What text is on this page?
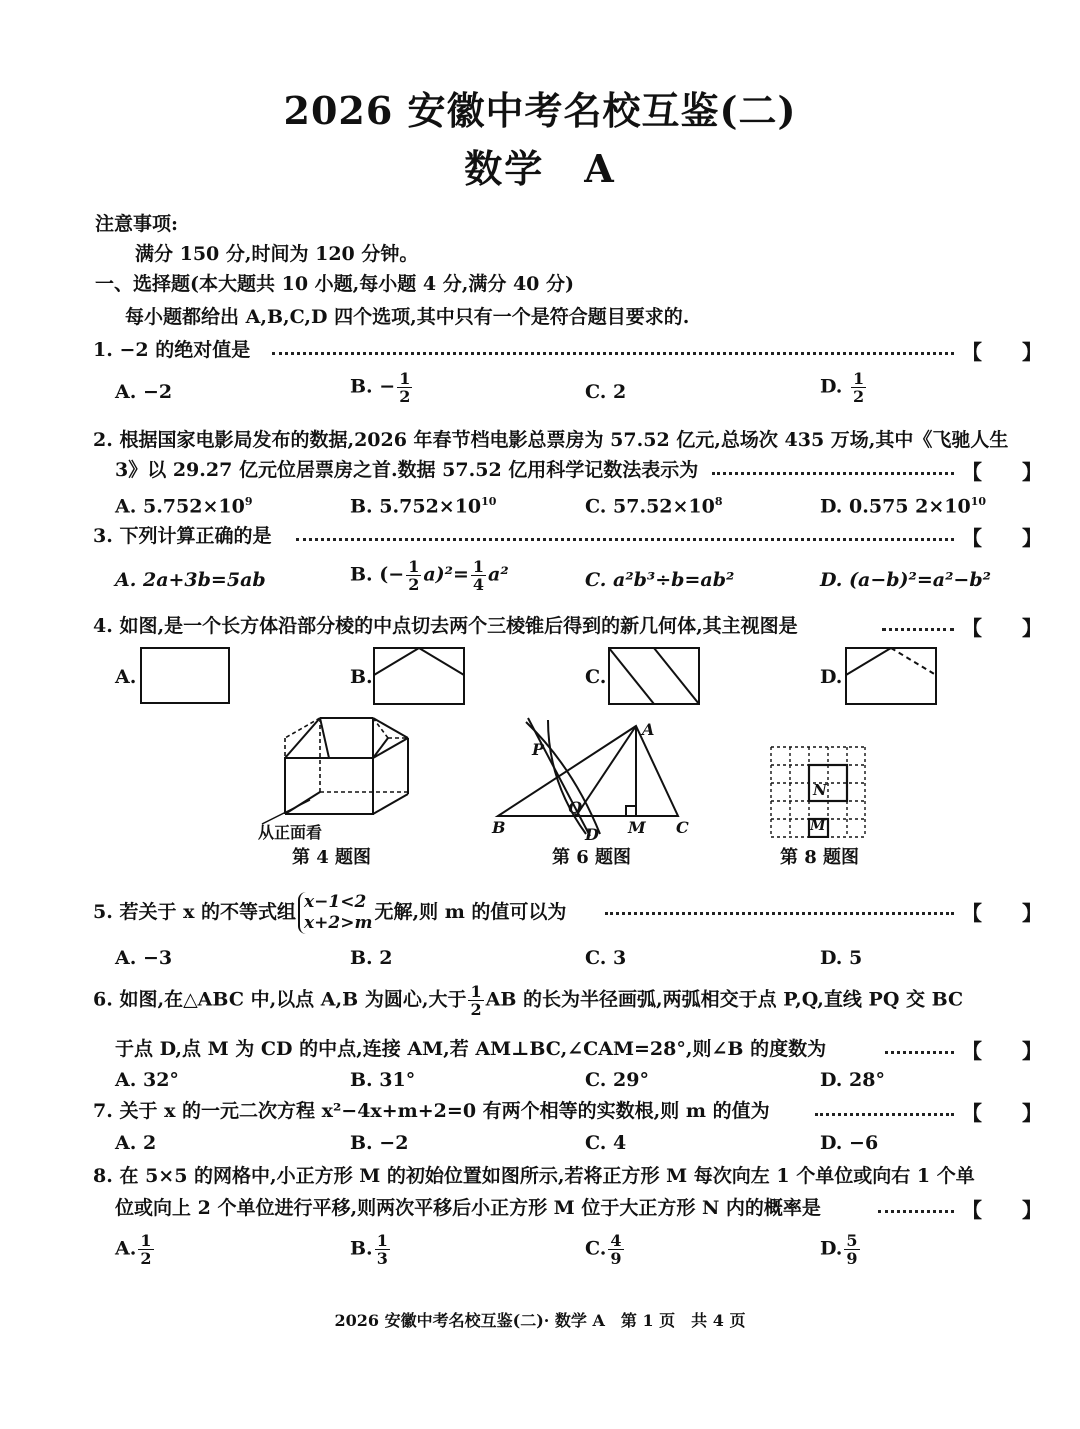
2026 安徽中考名校互鉴(二)
数学　A
注意事项:
满分 150 分,时间为 120 分钟。
一、选择题(本大题共 10 小题,每小题 4 分,满分 40 分)
每小题都给出 A,B,C,D 四个选项,其中只有一个是符合题目要求的.
1. −2 的绝对值是	【　　】
A. −2	B. − $\frac{1}{2}$	C. 2	D. $\frac{1}{2}$
2. 根据国家电影局发布的数据,2026 年春节档电影总票房为 57.52 亿元,总场次 435 万场,其中《飞驰人生
3》以 29.27 亿元位居票房之首.数据 57.52 亿用科学记数法表示为	【　　】
A. $5.752\times 10^9$	B. $5.752\times 10^{10}$	C. $57.52\times 10^8$	D. 0.575 $2\times 10^{10}$
3. 下列计算正确的是	【　　】
A. 2a+3b=5ab	B. (− $\frac{1}{2} a)^2= \frac{1}{4} a^2$	C. a²b³÷b=ab²	D. (a−b)²=a²−b²
4. 如图,是一个长方体沿部分棱的中点切去两个三棱锥后得到的新几何体,其主视图是	【　　】
A.	B.	C.	D.
从正面看
第 4 题图
P
Q
A
B	C
D M
第 6 题图
N
M
第 8 题图
5. 若关于 x 的不等式组 x−1<2
x+2>m 无解,则 m 的值可以为	【　　】
A. −3	B. 2	C. 3	D. 5
6. 如图,在△ABC 中,以点 A,B 为圆心,大于 $\frac{1}{2}$ AB 的长为半径画弧,两弧相交于点 P,Q,直线 PQ 交 BC
于点 D,点 M 为 CD 的中点,连接 AM,若 AM⊥BC,∠CAM=28°,则∠B 的度数为	【　　】
A. 32°	B. 31°	C. 29°	D. 28°
7. 关于 x 的一元二次方程 x²−4x+m+2=0 有两个相等的实数根,则 m 的值为	【　　】
A. 2	B. −2	C. 4	D. −6
8. 在 5×5 的网格中,小正方形 M 的初始位置如图所示,若将正方形 M 每次向左 1 个单位或向右 1 个单
位或向上 2 个单位进行平移,则两次平移后小正方形 M 位于大正方形 N 内的概率是	【　　】
A. $\frac{1}{2}$	B. $\frac{1}{3}$	C. $\frac{4}{9}$	D. $\frac{5}{9}$
2026 安徽中考名校互鉴(二)· 数学 A　第 1 页　共 4 页
